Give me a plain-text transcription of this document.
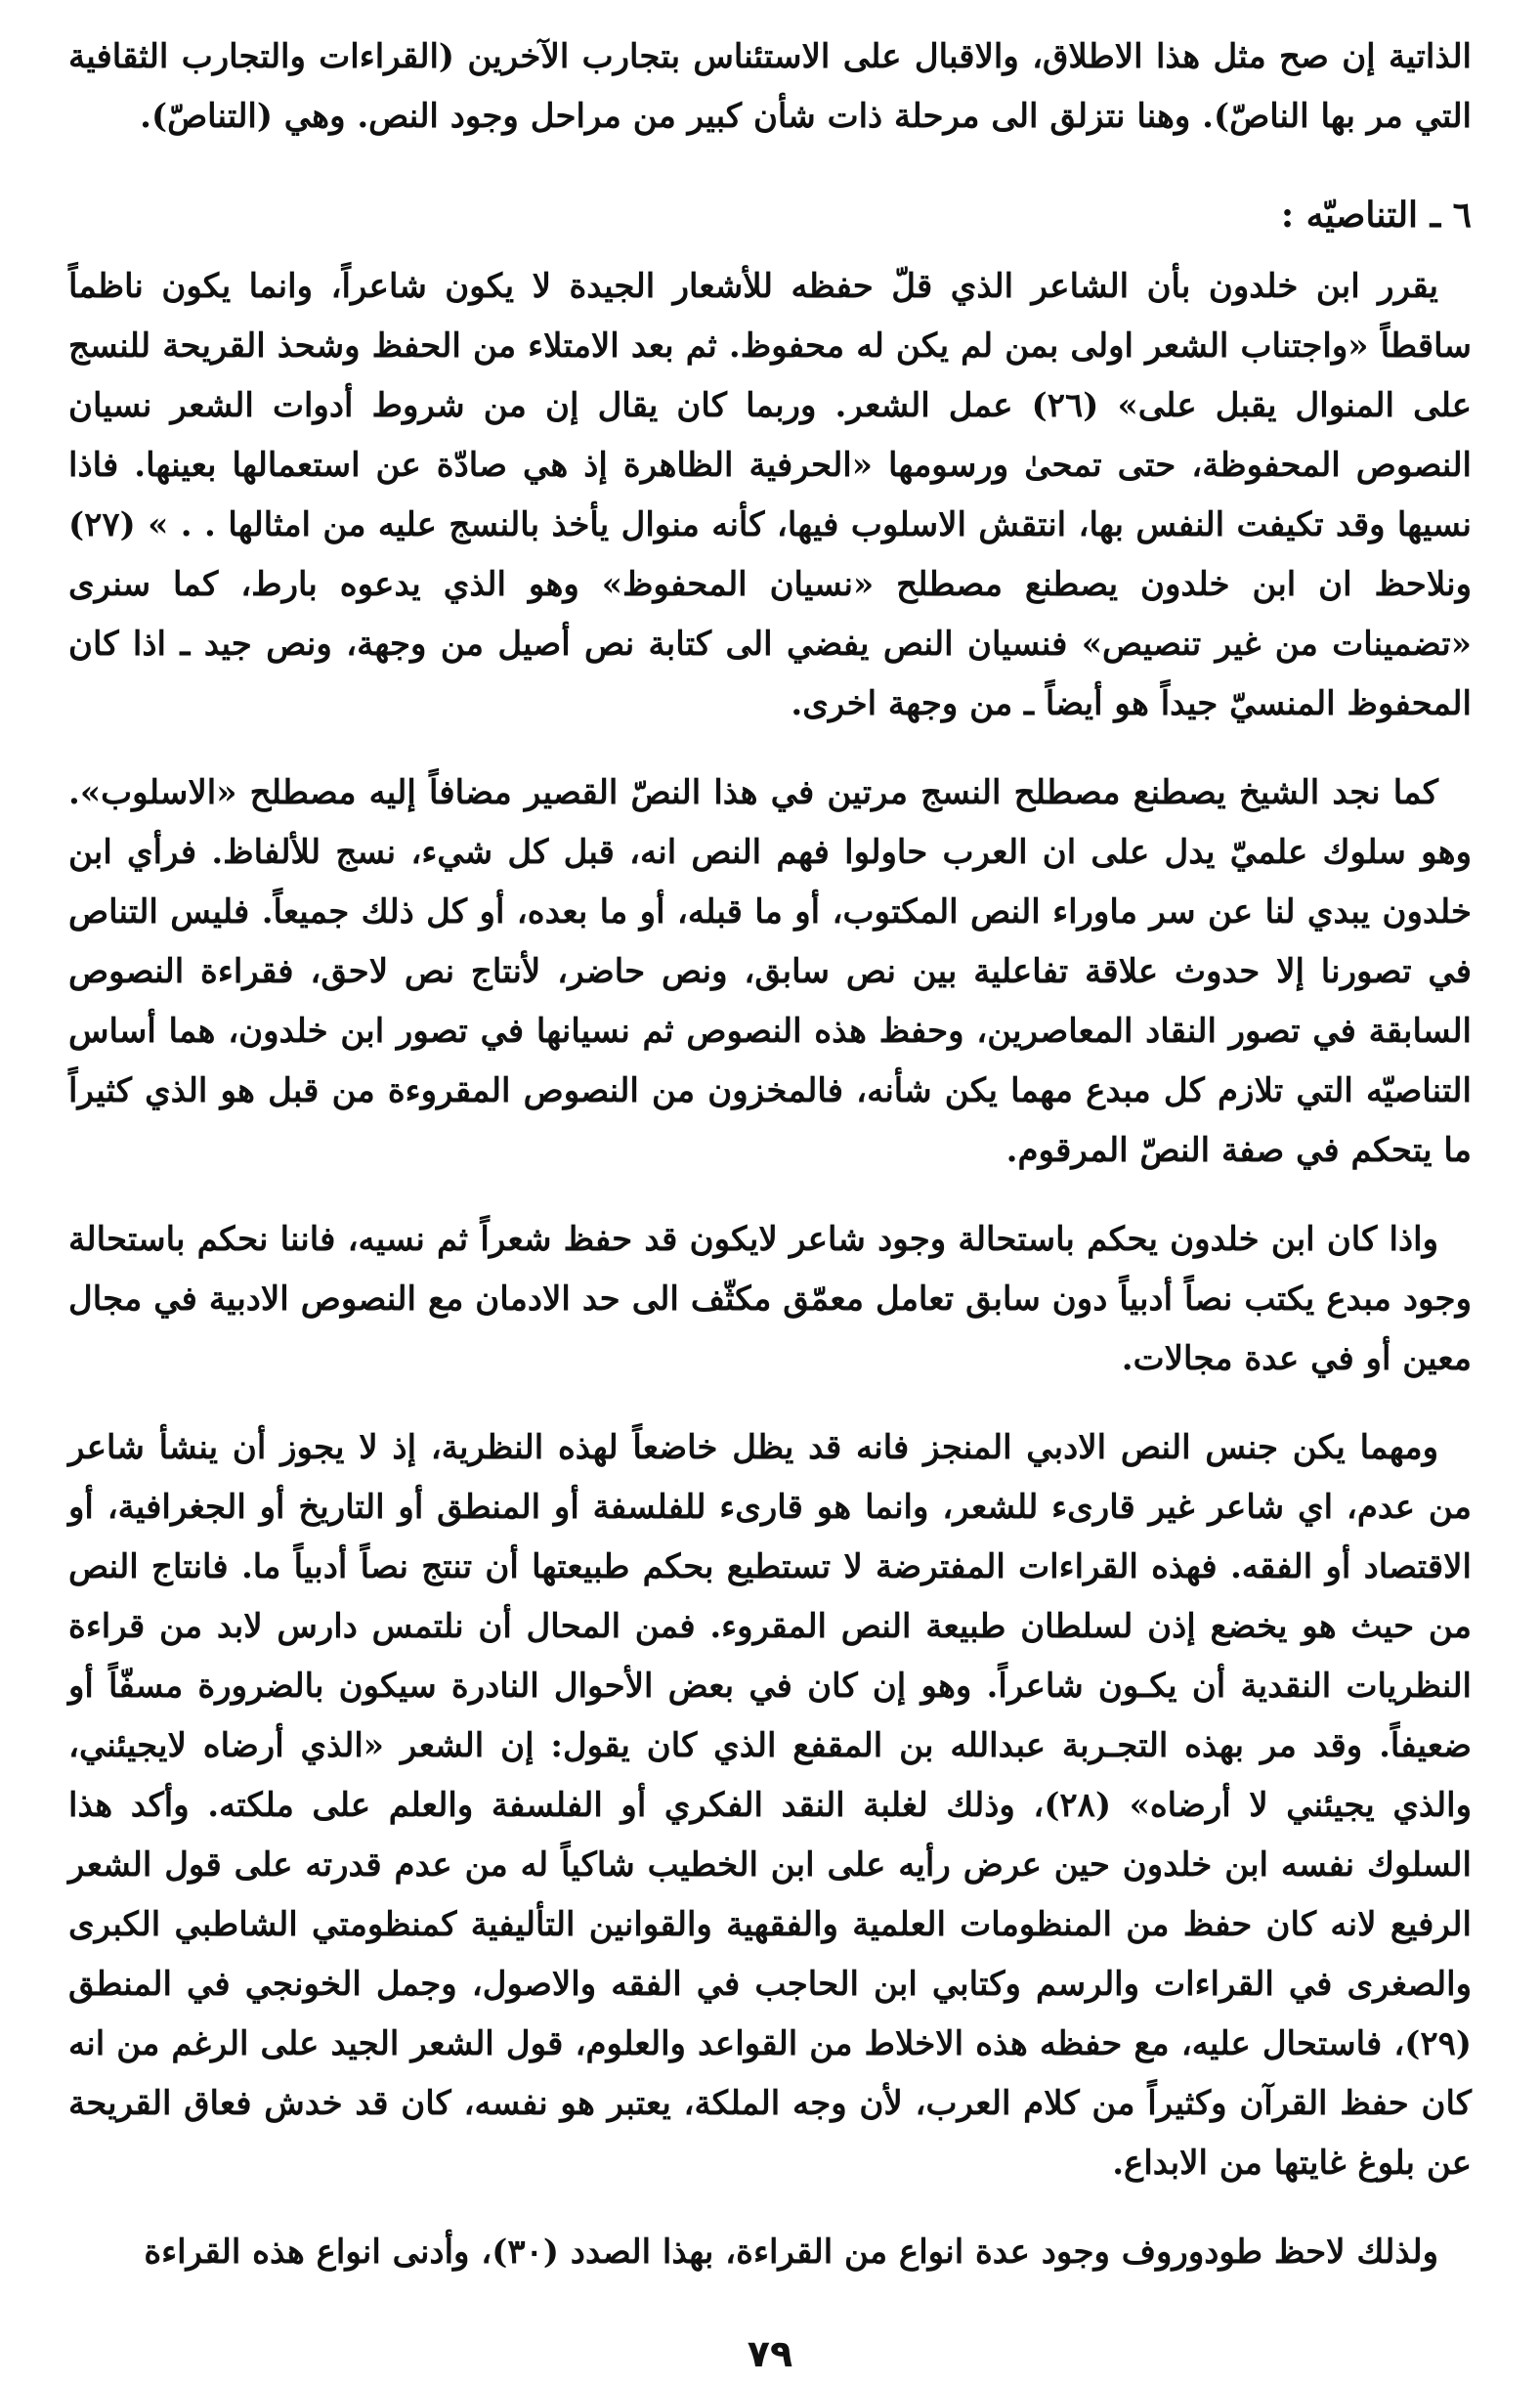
الذاتية إن صح مثل هذا الاطلاق، والاقبال على الاستئناس بتجارب الآخرين (القراءات والتجارب الثقافية التي مر بها الناصّ). وهنا نتزلق الى مرحلة ذات شأن كبير من مراحل وجود النص. وهي (التناصّ).

٦ ـ التناصيّه :

يقرر ابن خلدون بأن الشاعر الذي قلّ حفظه للأشعار الجيدة لا يكون شاعراً، وانما يكون ناظماً ساقطاً «واجتناب الشعر اولى بمن لم يكن له محفوظ. ثم بعد الامتلاء من الحفظ وشحذ القريحة للنسج على المنوال يقبل على» (٢٦) عمل الشعر. وربما كان يقال إن من شروط أدوات الشعر نسيان النصوص المحفوظة، حتى تمحىٰ ورسومها «الحرفية الظاهرة إذ هي صادّة عن استعمالها بعينها. فاذا نسيها وقد تكيفت النفس بها، انتقش الاسلوب فيها، كأنه منوال يأخذ بالنسج عليه من امثالها . . » (٢٧) ونلاحظ ان ابن خلدون يصطنع مصطلح «نسيان المحفوظ» وهو الذي يدعوه بارط، كما سنرى «تضمينات من غير تنصيص» فنسيان النص يفضي الى كتابة نص أصيل من وجهة، ونص جيد ـ اذا كان المحفوظ المنسيّ جيداً هو أيضاً ـ من وجهة اخرى.

كما نجد الشيخ يصطنع مصطلح النسج مرتين في هذا النصّ القصير مضافاً إليه مصطلح «الاسلوب». وهو سلوك علميّ يدل على ان العرب حاولوا فهم النص انه، قبل كل شيء، نسج للألفاظ. فرأي ابن خلدون يبدي لنا عن سر ماوراء النص المكتوب، أو ما قبله، أو ما بعده، أو كل ذلك جميعاً. فليس التناص في تصورنا إلا حدوث علاقة تفاعلية بين نص سابق، ونص حاضر، لأنتاج نص لاحق، فقراءة النصوص السابقة في تصور النقاد المعاصرين، وحفظ هذه النصوص ثم نسيانها في تصور ابن خلدون، هما أساس التناصيّه التي تلازم كل مبدع مهما يكن شأنه، فالمخزون من النصوص المقروءة من قبل هو الذي كثيراً ما يتحكم في صفة النصّ المرقوم.

واذا كان ابن خلدون يحكم باستحالة وجود شاعر لايكون قد حفظ شعراً ثم نسيه، فاننا نحكم باستحالة وجود مبدع يكتب نصاً أدبياً دون سابق تعامل معمّق مكثّف الى حد الادمان مع النصوص الادبية في مجال معين أو في عدة مجالات.

ومهما يكن جنس النص الادبي المنجز فانه قد يظل خاضعاً لهذه النظرية، إذ لا يجوز أن ينشأ شاعر من عدم، اي شاعر غير قارىء للشعر، وانما هو قارىء للفلسفة أو المنطق أو التاريخ أو الجغرافية، أو الاقتصاد أو الفقه. فهذه القراءات المفترضة لا تستطيع بحكم طبيعتها أن تنتج نصاً أدبياً ما. فانتاج النص من حيث هو يخضع إذن لسلطان طبيعة النص المقروء. فمن المحال أن نلتمس دارس لابد من قراءة النظريات النقدية أن يكـون شاعراً. وهو إن كان في بعض الأحوال النادرة سيكون بالضرورة مسفّاً أو ضعيفاً. وقد مر بهذه التجـربة عبدالله بن المقفع الذي كان يقول: إن الشعر «الذي أرضاه لايجيئني، والذي يجيئني لا أرضاه» (٢٨)، وذلك لغلبة النقد الفكري أو الفلسفة والعلم على ملكته. وأكد هذا السلوك نفسه ابن خلدون حين عرض رأيه على ابن الخطيب شاكياً له من عدم قدرته على قول الشعر الرفيع لانه كان حفظ من المنظومات العلمية والفقهية والقوانين التأليفية كمنظومتي الشاطبي الكبرى والصغرى في القراءات والرسم وكتابي ابن الحاجب في الفقه والاصول، وجمل الخونجي في المنطق (٢٩)، فاستحال عليه، مع حفظه هذه الاخلاط من القواعد والعلوم، قول الشعر الجيد على الرغم من انه كان حفظ القرآن وكثيراً من كلام العرب، لأن وجه الملكة، يعتبر هو نفسه، كان قد خدش فعاق القريحة عن بلوغ غايتها من الابداع.

ولذلك لاحظ طودوروف وجود عدة انواع من القراءة، بهذا الصدد (٣٠)، وأدنى انواع هذه القراءة

٧٩
